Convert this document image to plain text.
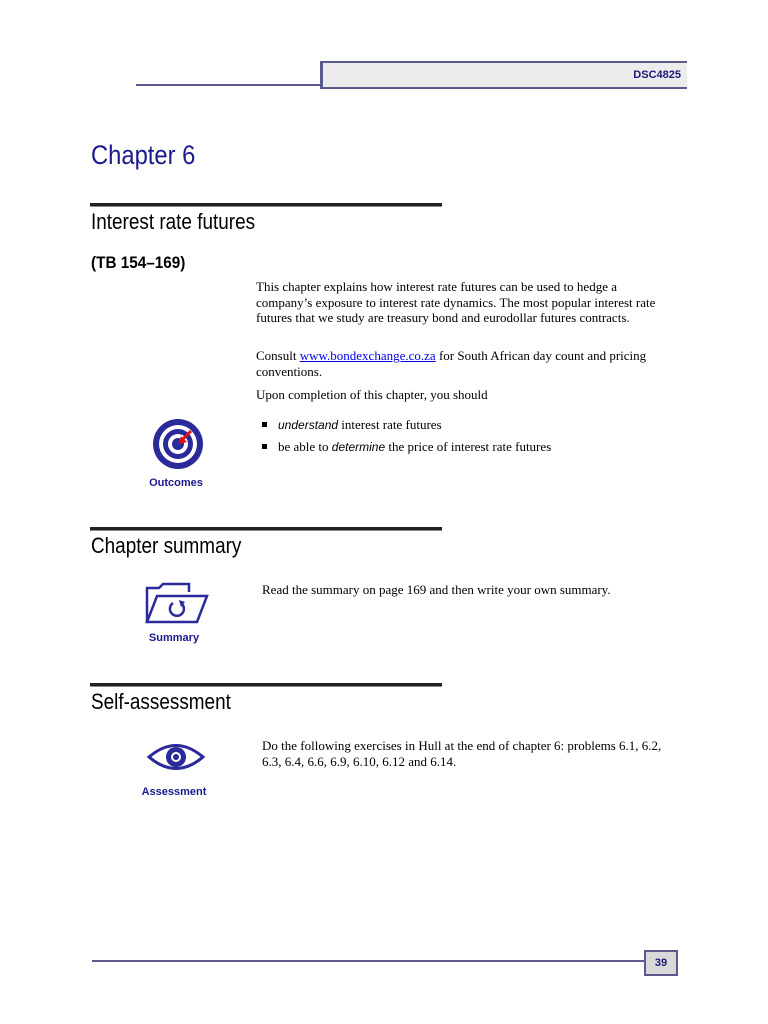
DSC4825
Chapter 6
Interest rate futures
(TB 154–169)

This chapter explains how interest rate futures can be used to hedge a company’s exposure to interest rate dynamics. The most popular interest rate futures that we study are treasury bond and eurodollar futures contracts.

Consult www.bondexchange.co.za for South African day count and pricing conventions.

Upon completion of this chapter, you should

understand interest rate futures
be able to determine the price of interest rate futures
Outcomes
Chapter summary
Summary

Read the summary on page 169 and then write your own summary.

Self-assessment
Assessment

Do the following exercises in Hull at the end of chapter 6: problems 6.1, 6.2, 6.3, 6.4, 6.6, 6.9, 6.10, 6.12 and 6.14.

39
